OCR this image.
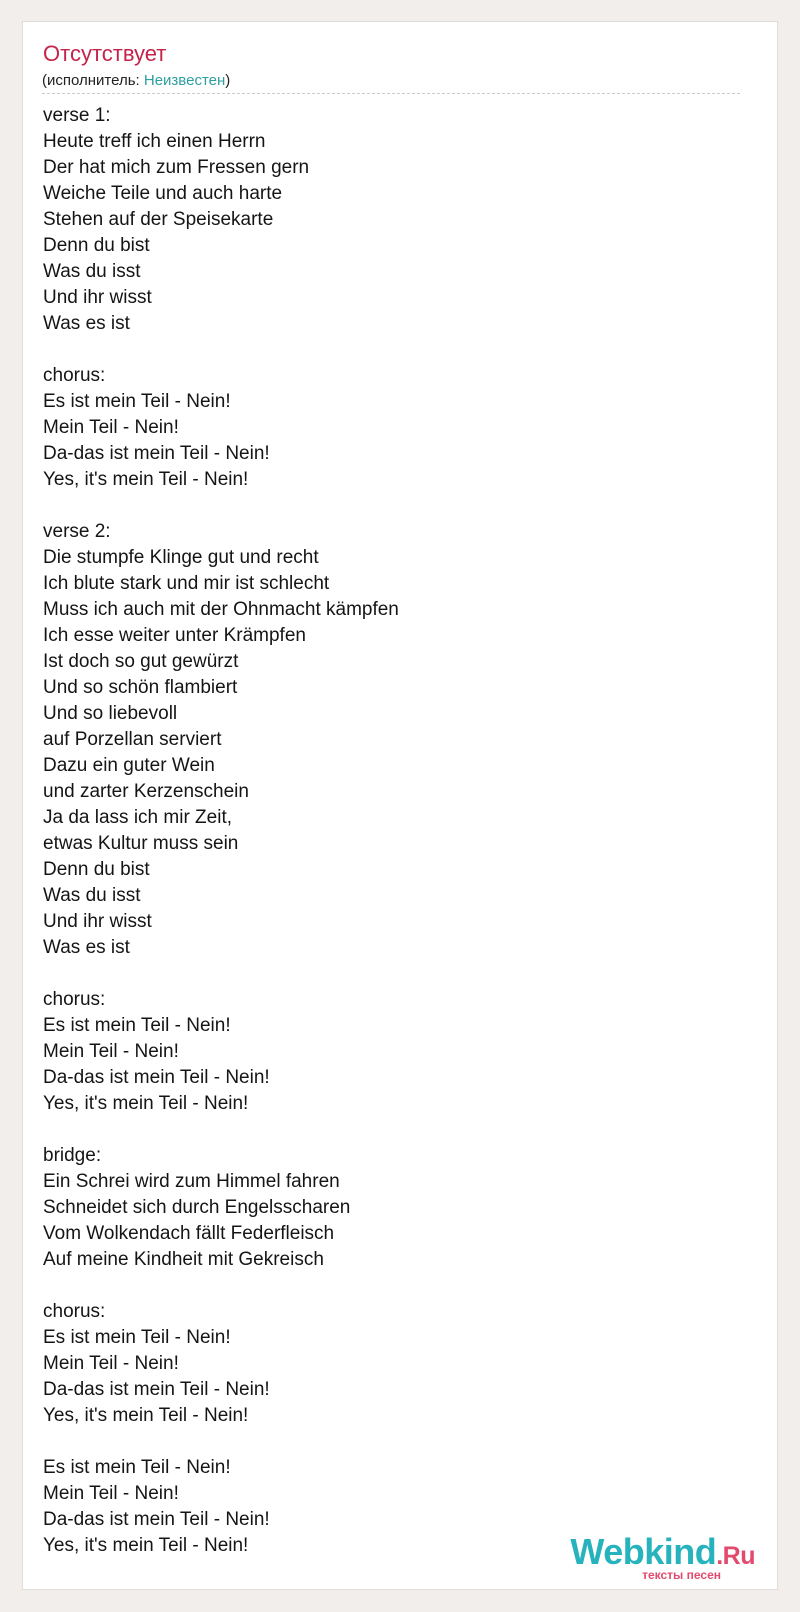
Отсутствует
(исполнитель: Неизвестен)
verse 1:
Heute treff ich einen Herrn
Der hat mich zum Fressen gern
Weiche Teile und auch harte
Stehen auf der Speisekarte
Denn du bist
Was du isst
Und ihr wisst
Was es ist
chorus:
Es ist mein Teil - Nein!
Mein Teil - Nein!
Da-das ist mein Teil - Nein!
Yes, it's mein Teil - Nein!
verse 2:
Die stumpfe Klinge gut und recht
Ich blute stark und mir ist schlecht
Muss ich auch mit der Ohnmacht kämpfen
Ich esse weiter unter Krämpfen
Ist doch so gut gewürzt
Und so schön flambiert
Und so liebevoll
auf Porzellan serviert
Dazu ein guter Wein
und zarter Kerzenschein
Ja da lass ich mir Zeit,
etwas Kultur muss sein
Denn du bist
Was du isst
Und ihr wisst
Was es ist
chorus:
Es ist mein Teil - Nein!
Mein Teil - Nein!
Da-das ist mein Teil - Nein!
Yes, it's mein Teil - Nein!
bridge:
Ein Schrei wird zum Himmel fahren
Schneidet sich durch Engelsscharen
Vom Wolkendach fällt Federfleisch
Auf meine Kindheit mit Gekreisch
chorus:
Es ist mein Teil - Nein!
Mein Teil - Nein!
Da-das ist mein Teil - Nein!
Yes, it's mein Teil - Nein!
Es ist mein Teil - Nein!
Mein Teil - Nein!
Da-das ist mein Teil - Nein!
Yes, it's mein Teil - Nein!	Webkind.Ru
тексты песен
